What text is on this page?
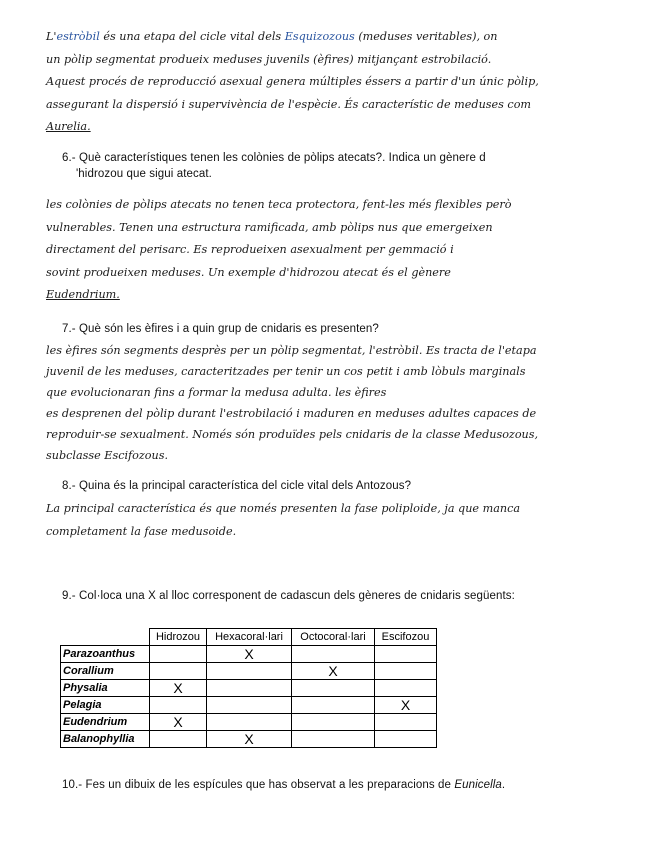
L'estròbil és una etapa del cicle vital dels Esquizozous (meduses veritables), on

un pòlip segmentat produeix meduses juvenils (èfires) mitjançant estrobilació.

Aquest procés de reproducció asexual genera múltiples éssers a partir d'un únic pòlip,

assegurant la dispersió i supervivència de l'espècie. És característic de meduses com

Aurelia.

6.- Què característiques tenen les colònies de pòlips atecats?. Indica un gènere d
'hidrozou que sigui atecat.

les colònies de pòlips atecats no tenen teca protectora, fent-les més flexibles però

vulnerables. Tenen una estructura ramificada, amb pòlips nus que emergeixen

directament del perisarc. Es reprodueixen asexualment per gemmació i

sovint produeixen meduses. Un exemple d'hidrozou atecat és el gènere

Eudendrium.

7.- Què són les èfires i a quin grup de cnidaris es presenten?

les èfires són segments desprès per un pòlip segmentat, l'estròbil. Es tracta de l'etapa

juvenil de les meduses, caracteritzades per tenir un cos petit i amb lòbuls marginals

que evolucionaran fins a formar la medusa adulta. les èfires

es desprenen del pòlip durant l'estrobilació i maduren en meduses adultes capaces de

reproduir-se sexualment. Només són produïdes pels cnidaris de la classe Medusozous,

subclasse Escifozous.

8.- Quina és la principal característica del cicle vital dels Antozous?

La principal característica és que només presenten la fase poliploide, ja que manca

completament la fase medusoide.

9.- Col·loca una X al lloc corresponent de cadascun dels gèneres de cnidaris següents:
	Hidrozou	Hexacoral·lari	Octocoral·lari	Escifozou
Parazoanthus		X		
Corallium			X	
Physalia	X			
Pelagia				X
Eudendrium	X			
Balanophyllia		X		
10.- Fes un dibuix de les espícules que has observat a les preparacions de Eunicella.
